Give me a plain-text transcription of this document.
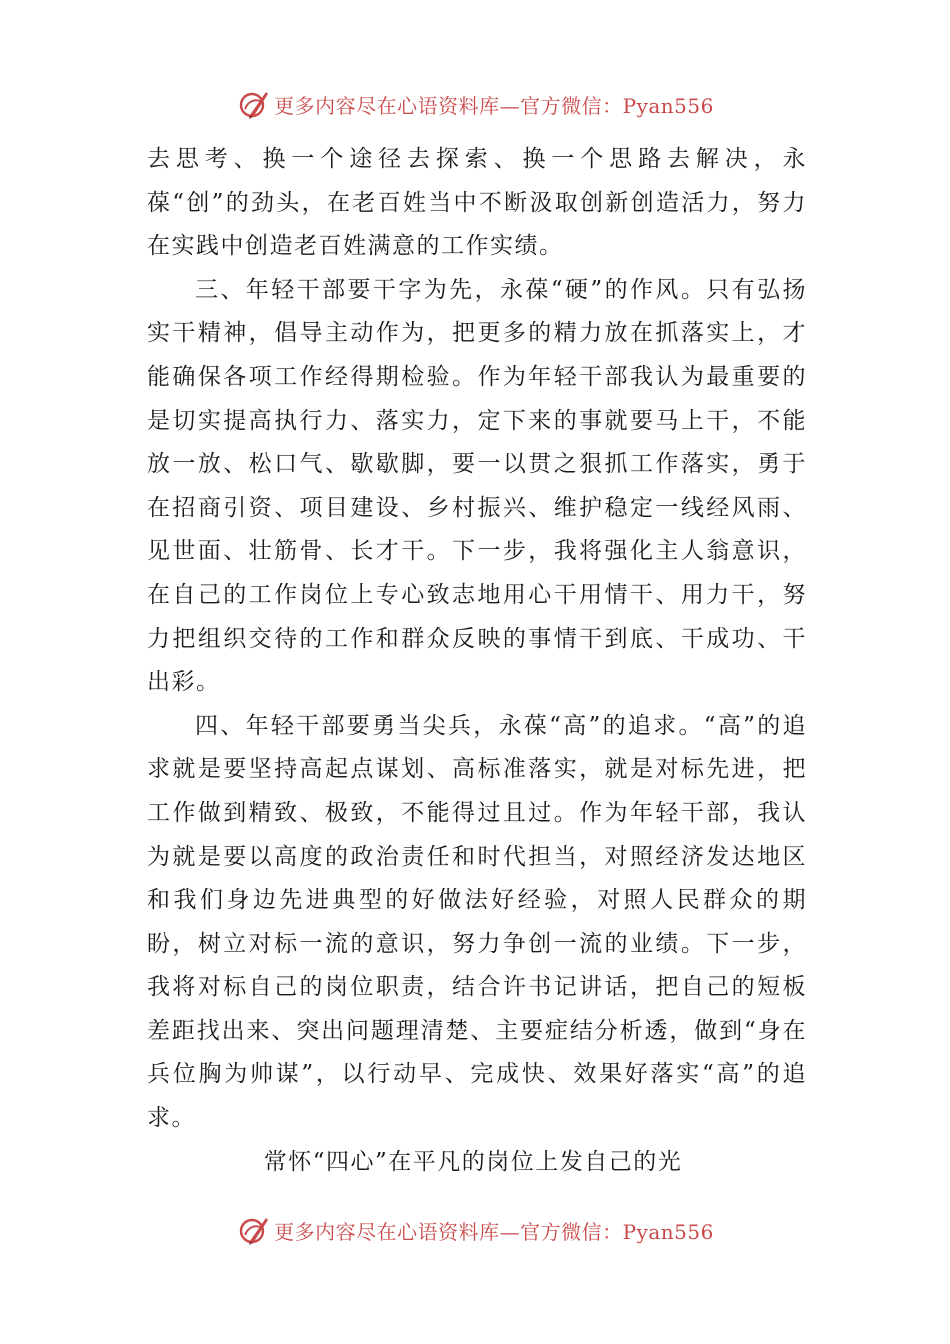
更多内容尽在心语资料库—官方微信：Pyan556

去思考、换一个途径去探索、换一个思路去解决，永葆“创”的劲头，在老百姓当中不断汲取创新创造活力，努力在实践中创造老百姓满意的工作实绩。

三、年轻干部要干字为先，永葆“硬”的作风。只有弘扬实干精神，倡导主动作为，把更多的精力放在抓落实上，才能确保各项工作经得期检验。作为年轻干部我认为最重要的是切实提高执行力、落实力，定下来的事就要马上干，不能放一放、松口气、歇歇脚，要一以贯之狠抓工作落实，勇于在招商引资、项目建设、乡村振兴、维护稳定一线经风雨、见世面、壮筋骨、长才干。下一步，我将强化主人翁意识，在自己的工作岗位上专心致志地用心干用情干、用力干，努力把组织交待的工作和群众反映的事情干到底、干成功、干出彩。

四、年轻干部要勇当尖兵，永葆“高”的追求。“高”的追求就是要坚持高起点谋划、高标准落实，就是对标先进，把工作做到精致、极致，不能得过且过。作为年轻干部，我认为就是要以高度的政治责任和时代担当，对照经济发达地区和我们身边先进典型的好做法好经验，对照人民群众的期盼，树立对标一流的意识，努力争创一流的业绩。下一步，我将对标自己的岗位职责，结合许书记讲话，把自己的短板差距找出来、突出问题理清楚、主要症结分析透，做到“身在兵位胸为帅谋”，以行动早、完成快、效果好落实“高”的追求。

常怀“四心”在平凡的岗位上发自己的光

更多内容尽在心语资料库—官方微信：Pyan556
